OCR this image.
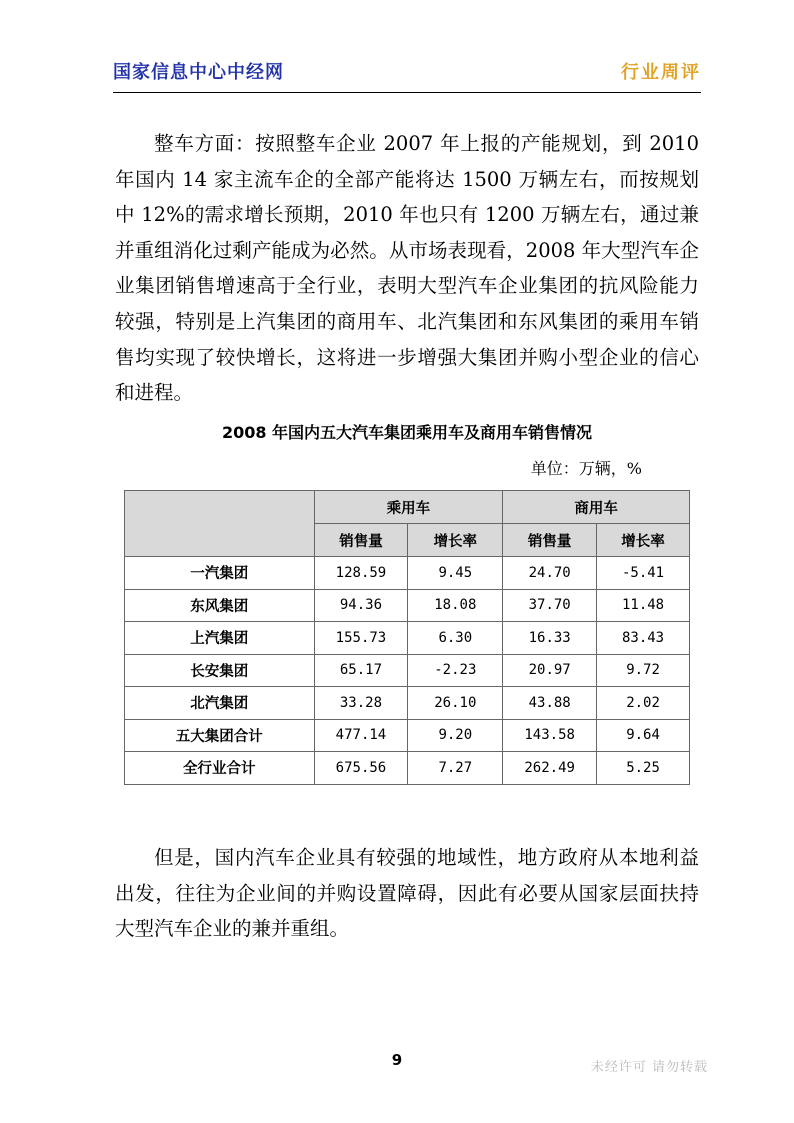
国家信息中心中经网	行业周评
整车方面：按照整车企业 2007 年上报的产能规划，到 2010 年国内 14 家主流车企的全部产能将达 1500 万辆左右，而按规划中 12%的需求增长预期，2010 年也只有 1200 万辆左右，通过兼并重组消化过剩产能成为必然。从市场表现看，2008 年大型汽车企业集团销售增速高于全行业，表明大型汽车企业集团的抗风险能力较强，特别是上汽集团的商用车、北汽集团和东风集团的乘用车销售均实现了较快增长，这将进一步增强大集团并购小型企业的信心和进程。
2008 年国内五大汽车集团乘用车及商用车销售情况
单位：万辆，%
	乘用车		商用车	
	销售量	增长率	销售量	增长率
一汽集团	128.59	9.45	24.70	-5.41
东风集团	94.36	18.08	37.70	11.48
上汽集团	155.73	6.30	16.33	83.43
长安集团	65.17	-2.23	20.97	9.72
北汽集团	33.28	26.10	43.88	2.02
五大集团合计	477.14	9.20	143.58	9.64
全行业合计	675.56	7.27	262.49	5.25
但是，国内汽车企业具有较强的地域性，地方政府从本地利益出发，往往为企业间的并购设置障碍，因此有必要从国家层面扶持大型汽车企业的兼并重组。
9	未经许可 请勿转载
